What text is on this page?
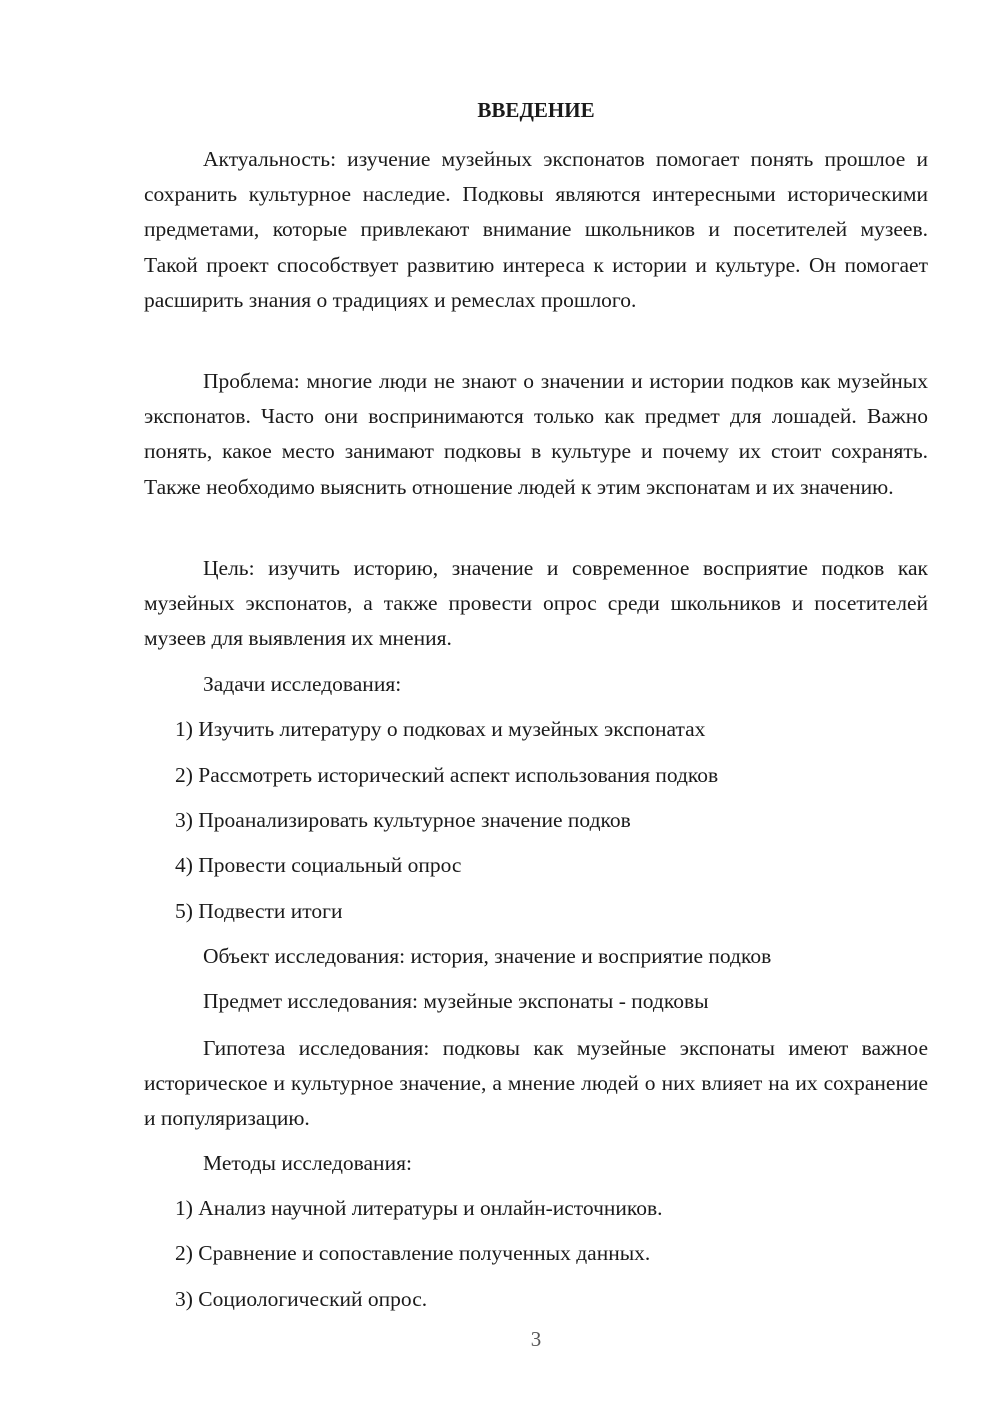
ВВЕДЕНИЕ
Актуальность: изучение музейных экспонатов помогает понять прошлое и сохранить культурное наследие. Подковы являются интересными историческими предметами, которые привлекают внимание школьников и посетителей музеев. Такой проект способствует развитию интереса к истории и культуре. Он помогает расширить знания о традициях и ремеслах прошлого.
Проблема: многие люди не знают о значении и истории подков как музейных экспонатов. Часто они воспринимаются только как предмет для лошадей. Важно понять, какое место занимают подковы в культуре и почему их стоит сохранять. Также необходимо выяснить отношение людей к этим экспонатам и их значению.
Цель: изучить историю, значение и современное восприятие подков как музейных экспонатов, а также провести опрос среди школьников и посетителей музеев для выявления их мнения.
Задачи исследования:
1) Изучить литературу о подковах и музейных экспонатах
2) Рассмотреть исторический аспект использования подков
3) Проанализировать культурное значение подков
4) Провести социальный опрос
5) Подвести итоги
Объект исследования: история, значение и восприятие подков
Предмет исследования: музейные экспонаты - подковы
Гипотеза исследования: подковы как музейные экспонаты имеют важное историческое и культурное значение, а мнение людей о них влияет на их сохранение и популяризацию.
Методы исследования:
1) Анализ научной литературы и онлайн-источников.
2) Сравнение и сопоставление полученных данных.
3) Социологический опрос.
3
